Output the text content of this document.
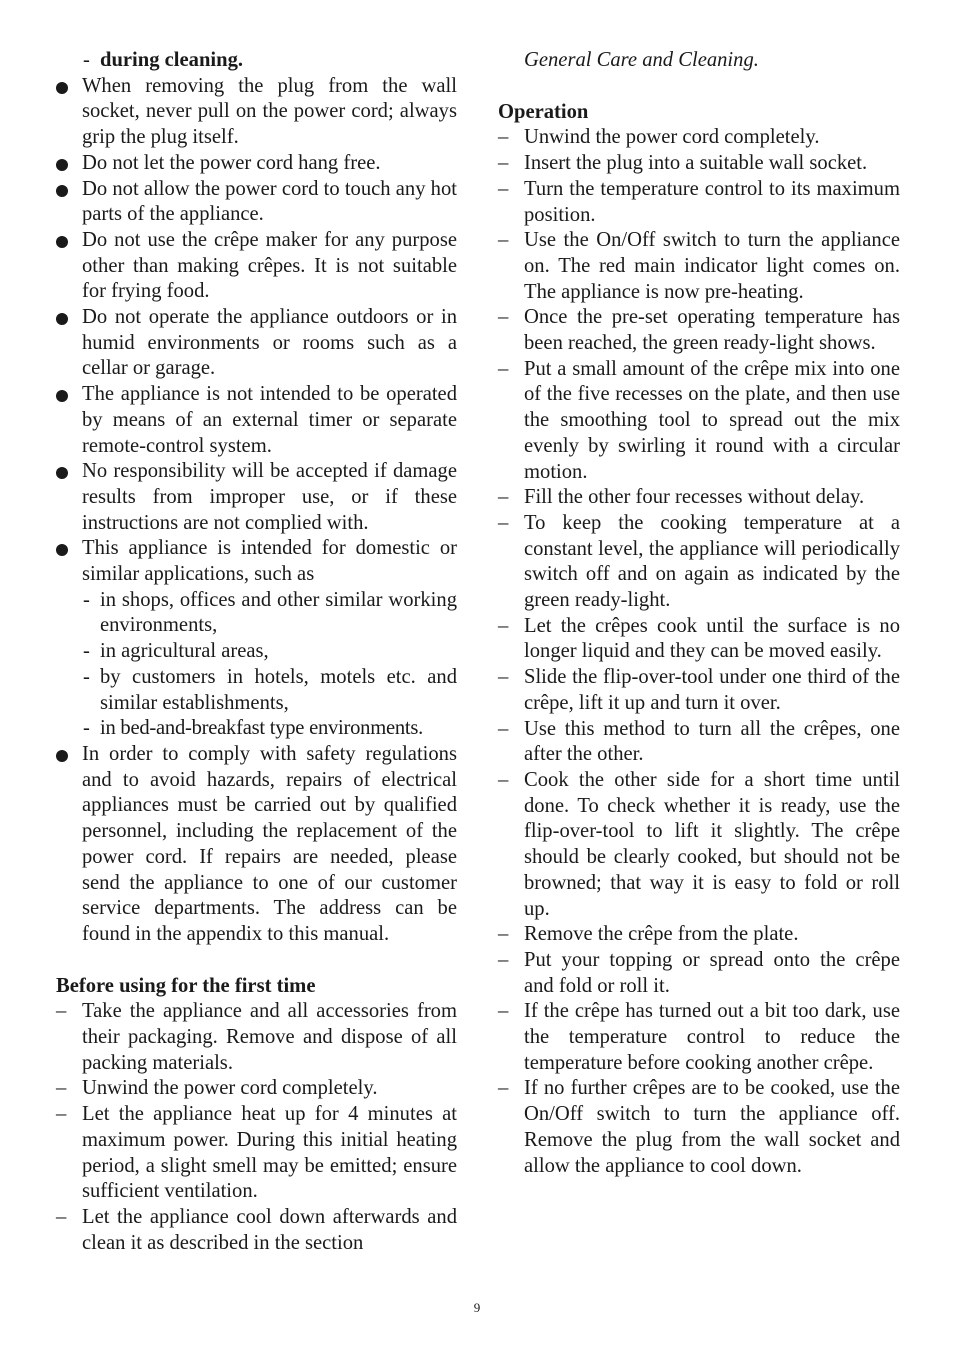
- during cleaning.
When removing the plug from the wall socket, never pull on the power cord; always grip the plug itself.
Do not let the power cord hang free.
Do not allow the power cord to touch any hot parts of the appliance.
Do not use the crêpe maker for any purpose other than making crêpes. It is not suitable for frying food.
Do not operate the appliance outdoors or in humid environments or rooms such as a cellar or garage.
The appliance is not intended to be operated by means of an external timer or separate remote-control system.
No responsibility will be accepted if damage results from improper use, or if these instructions are not complied with.
This appliance is intended for domestic or similar applications, such as
- in shops, offices and other similar working environments,
- in agricultural areas,
- by customers in hotels, motels etc. and similar establishments,
- in bed-and-breakfast type environments.
In order to comply with safety regulations and to avoid hazards, repairs of electrical appliances must be carried out by qualified personnel, including the replacement of the power cord. If repairs are needed, please send the appliance to one of our customer service departments. The address can be found in the appendix to this manual.
Before using for the first time
– Take the appliance and all accessories from their packaging. Remove and dispose of all packing materials.
– Unwind the power cord completely.
– Let the appliance heat up for 4 minutes at maximum power. During this initial heating period, a slight smell may be emitted; ensure sufficient ventilation.
– Let the appliance cool down afterwards and clean it as described in the section
General Care and Cleaning.
Operation
– Unwind the power cord completely.
– Insert the plug into a suitable wall socket.
– Turn the temperature control to its maximum position.
– Use the On/Off switch to turn the appliance on. The red main indicator light comes on. The appliance is now pre-heating.
– Once the pre-set operating temperature has been reached, the green ready-light shows.
– Put a small amount of the crêpe mix into one of the five recesses on the plate, and then use the smoothing tool to spread out the mix evenly by swirling it round with a circular motion.
– Fill the other four recesses without delay.
– To keep the cooking temperature at a constant level, the appliance will periodically switch off and on again as indicated by the green ready-light.
– Let the crêpes cook until the surface is no longer liquid and they can be moved easily.
– Slide the flip-over-tool under one third of the crêpe, lift it up and turn it over.
– Use this method to turn all the crêpes, one after the other.
– Cook the other side for a short time until done. To check whether it is ready, use the flip-over-tool to lift it slightly. The crêpe should be clearly cooked, but should not be browned; that way it is easy to fold or roll up.
– Remove the crêpe from the plate.
– Put your topping or spread onto the crêpe and fold or roll it.
– If the crêpe has turned out a bit too dark, use the temperature control to reduce the temperature before cooking another crêpe.
– If no further crêpes are to be cooked, use the On/Off switch to turn the appliance off. Remove the plug from the wall socket and allow the appliance to cool down.
9
